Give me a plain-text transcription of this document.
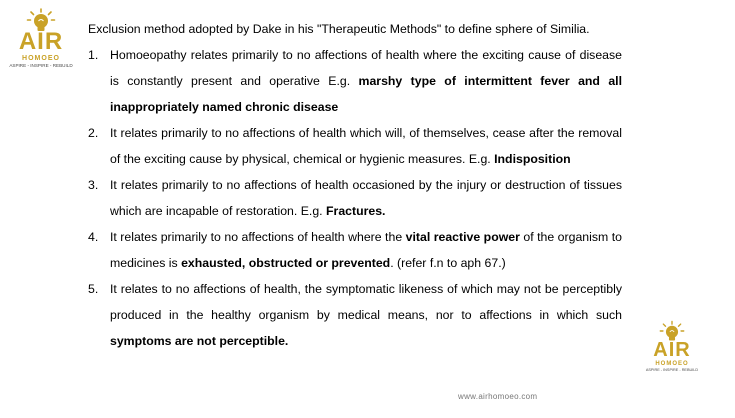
AIR
HOMOEO
ASPIRE - INSPIRE - REBUILD

Exclusion method adopted by Dake in his "Therapeutic Methods" to define sphere of Similia.

1. Homoeopathy relates primarily to no affections of health where the exciting cause of disease is constantly present and operative E.g. marshy type of intermittent fever and all inappropriately named chronic disease
2. It relates primarily to no affections of health which will, of themselves, cease after the removal of the exciting cause by physical, chemical or hygienic measures. E.g. Indisposition
3. It relates primarily to no affections of health occasioned by the injury or destruction of tissues which are incapable of restoration. E.g. Fractures.
4. It relates primarily to no affections of health where the vital reactive power of the organism to medicines is exhausted, obstructed or prevented. (refer f.n to aph 67.)
5. It relates to no affections of health, the symptomatic likeness of which may not be perceptibly produced in the healthy organism by medical means, nor to affections in which such symptoms are not perceptible.	AIR
HOMOEO
ASPIRE - INSPIRE - REBUILD
www.airhomoeo.com
